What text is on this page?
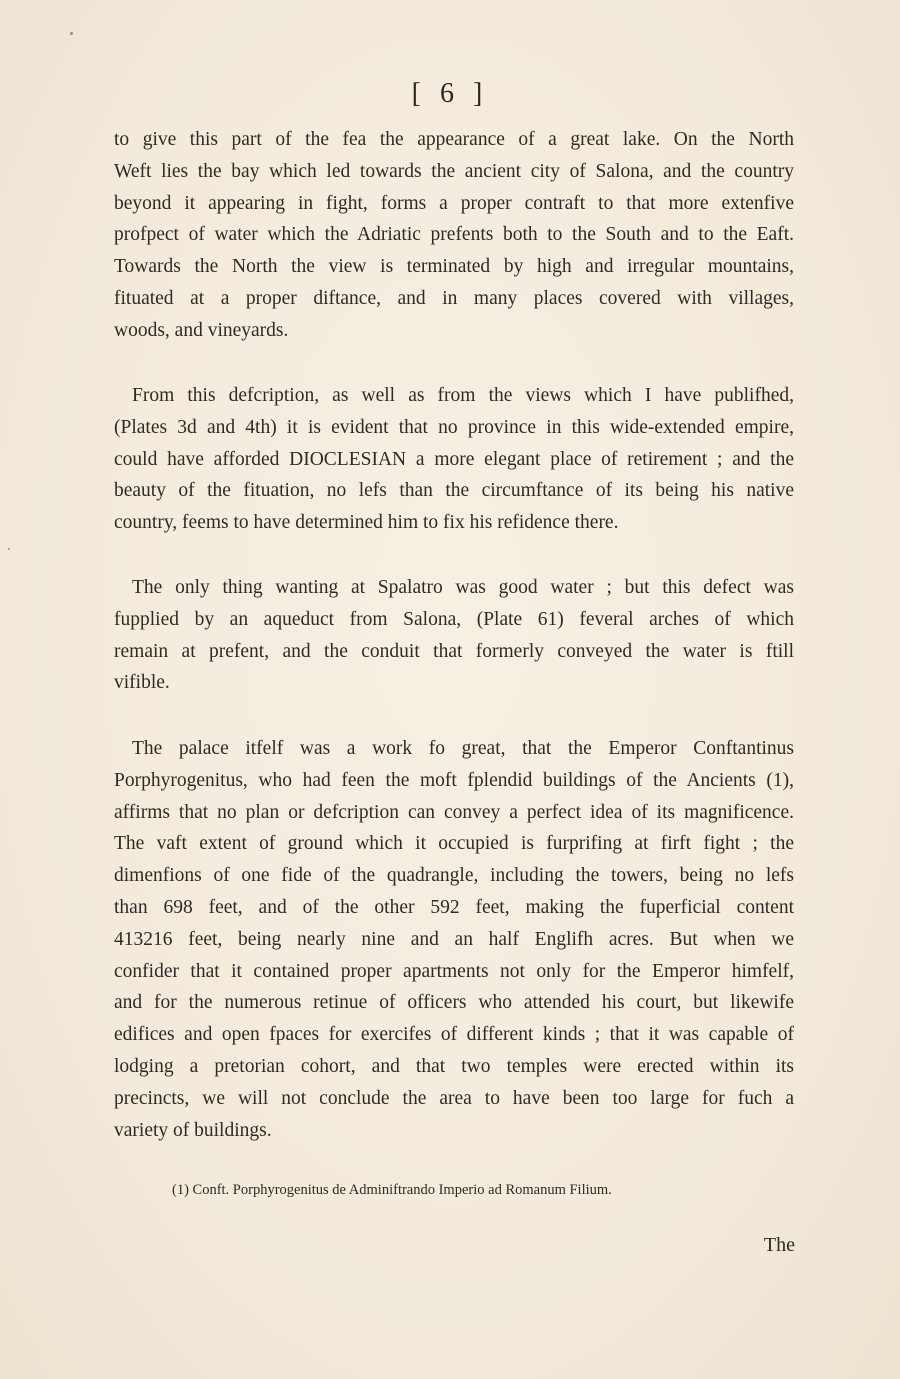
[ 6 ]

to give this part of the fea the appearance of a great lake. On the North
Weft lies the bay which led towards the ancient city of Salona, and the country
beyond it appearing in fight, forms a proper contraft to that more extenfive
profpect of water which the Adriatic prefents both to the South and to the Eaft.
Towards the North the view is terminated by high and irregular mountains,
fituated at a proper diftance, and in many places covered with villages,
woods, and vineyards.

From this defcription, as well as from the views which I have publifhed,
(Plates 3d and 4th) it is evident that no province in this wide-extended empire,
could have afforded DIOCLESIAN a more elegant place of retirement ; and the
beauty of the fituation, no lefs than the circumftance of its being his native
country, feems to have determined him to fix his refidence there.

The only thing wanting at Spalatro was good water ; but this defect was
fupplied by an aqueduct from Salona, (Plate 61) feveral arches of which
remain at prefent, and the conduit that formerly conveyed the water is ftill
vifible.

The palace itfelf was a work fo great, that the Emperor Conftantinus
Porphyrogenitus, who had feen the moft fplendid buildings of the Ancients (1),
affirms that no plan or defcription can convey a perfect idea of its magnificence.
The vaft extent of ground which it occupied is furprifing at firft fight ; the
dimenfions of one fide of the quadrangle, including the towers, being no lefs
than 698 feet, and of the other 592 feet, making the fuperficial content
413216 feet, being nearly nine and an half Englifh acres. But when we
confider that it contained proper apartments not only for the Emperor himfelf,
and for the numerous retinue of officers who attended his court, but likewife
edifices and open fpaces for exercifes of different kinds ; that it was capable of
lodging a pretorian cohort, and that two temples were erected within its
precincts, we will not conclude the area to have been too large for fuch a
variety of buildings.

(1) Conft. Porphyrogenitus de Adminiftrando Imperio ad Romanum Filium.
The
